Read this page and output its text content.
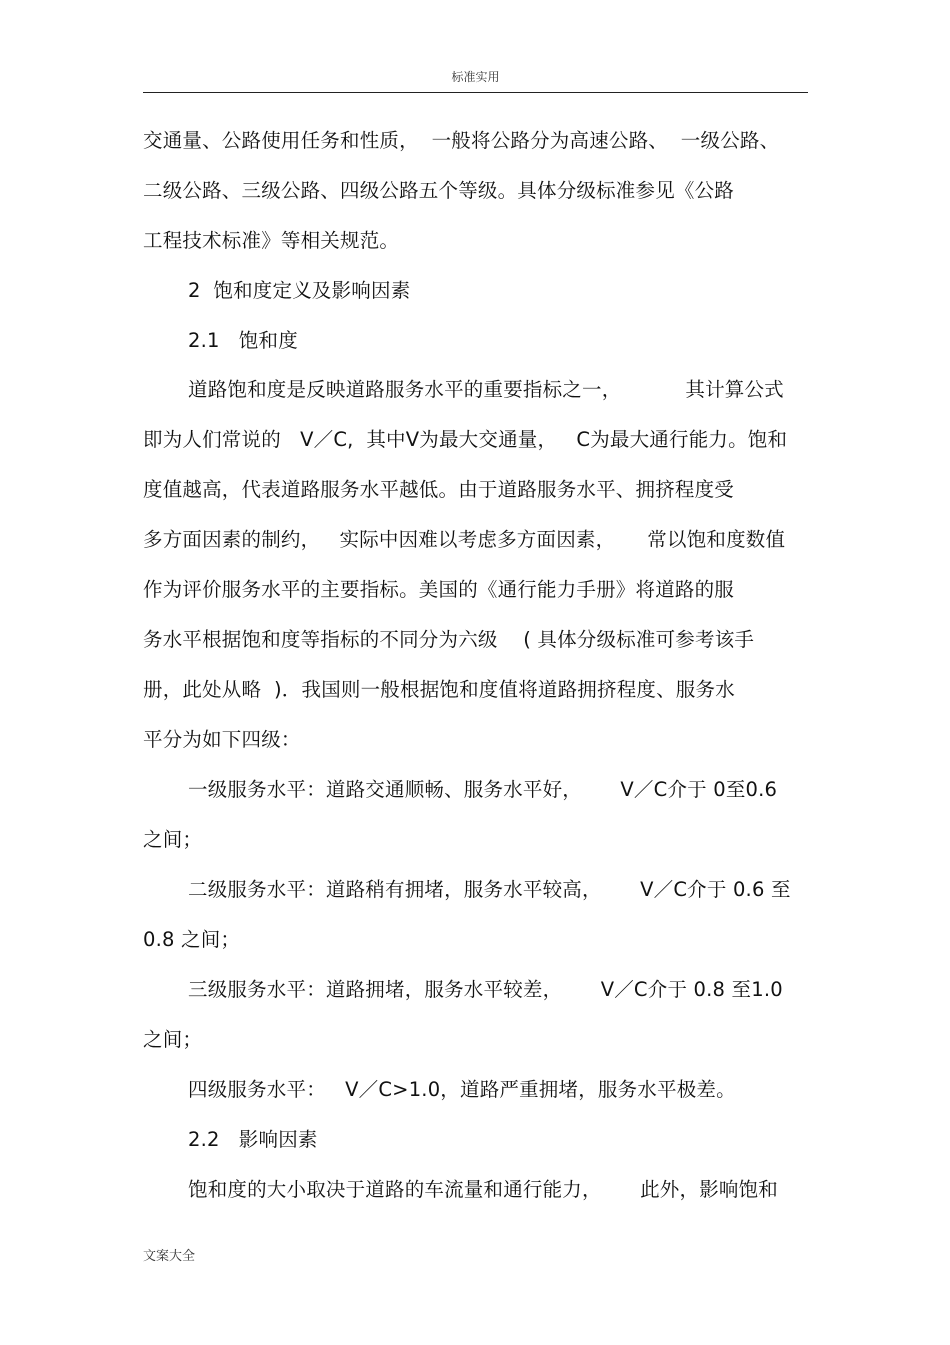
标准实用
交通量、公路使用任务和性质，  一般将公路分为高速公路、  一级公路、
二级公路、三级公路、四级公路五个等级。具体分级标准参见《公路
工程技术标准》等相关规范。
2  饱和度定义及影响因素
2.1   饱和度
道路饱和度是反映道路服务水平的重要指标之一，          其计算公式
即为人们常说的   V／C,  其中V为最大交通量，   C为最大通行能力。饱和
度值越高，代表道路服务水平越低。由于道路服务水平、拥挤程度受
多方面因素的制约，   实际中因难以考虑多方面因素，     常以饱和度数值
作为评价服务水平的主要指标。美国的《通行能力手册》将道路的服
务水平根据饱和度等指标的不同分为六级    ( 具体分级标准可参考该手
册，此处从略  )．我国则一般根据饱和度值将道路拥挤程度、服务水
平分为如下四级：
一级服务水平：道路交通顺畅、服务水平好，      V／C介于 0至0.6
之间；
二级服务水平：道路稍有拥堵，服务水平较高，      V／C介于 0.6 至
0.8 之间；
三级服务水平：道路拥堵，服务水平较差，      V／C介于 0.8 至1.0
之间；
四级服务水平：   V／C>1.0，道路严重拥堵，服务水平极差。
2.2   影响因素
饱和度的大小取决于道路的车流量和通行能力，      此外，影响饱和
文案大全
